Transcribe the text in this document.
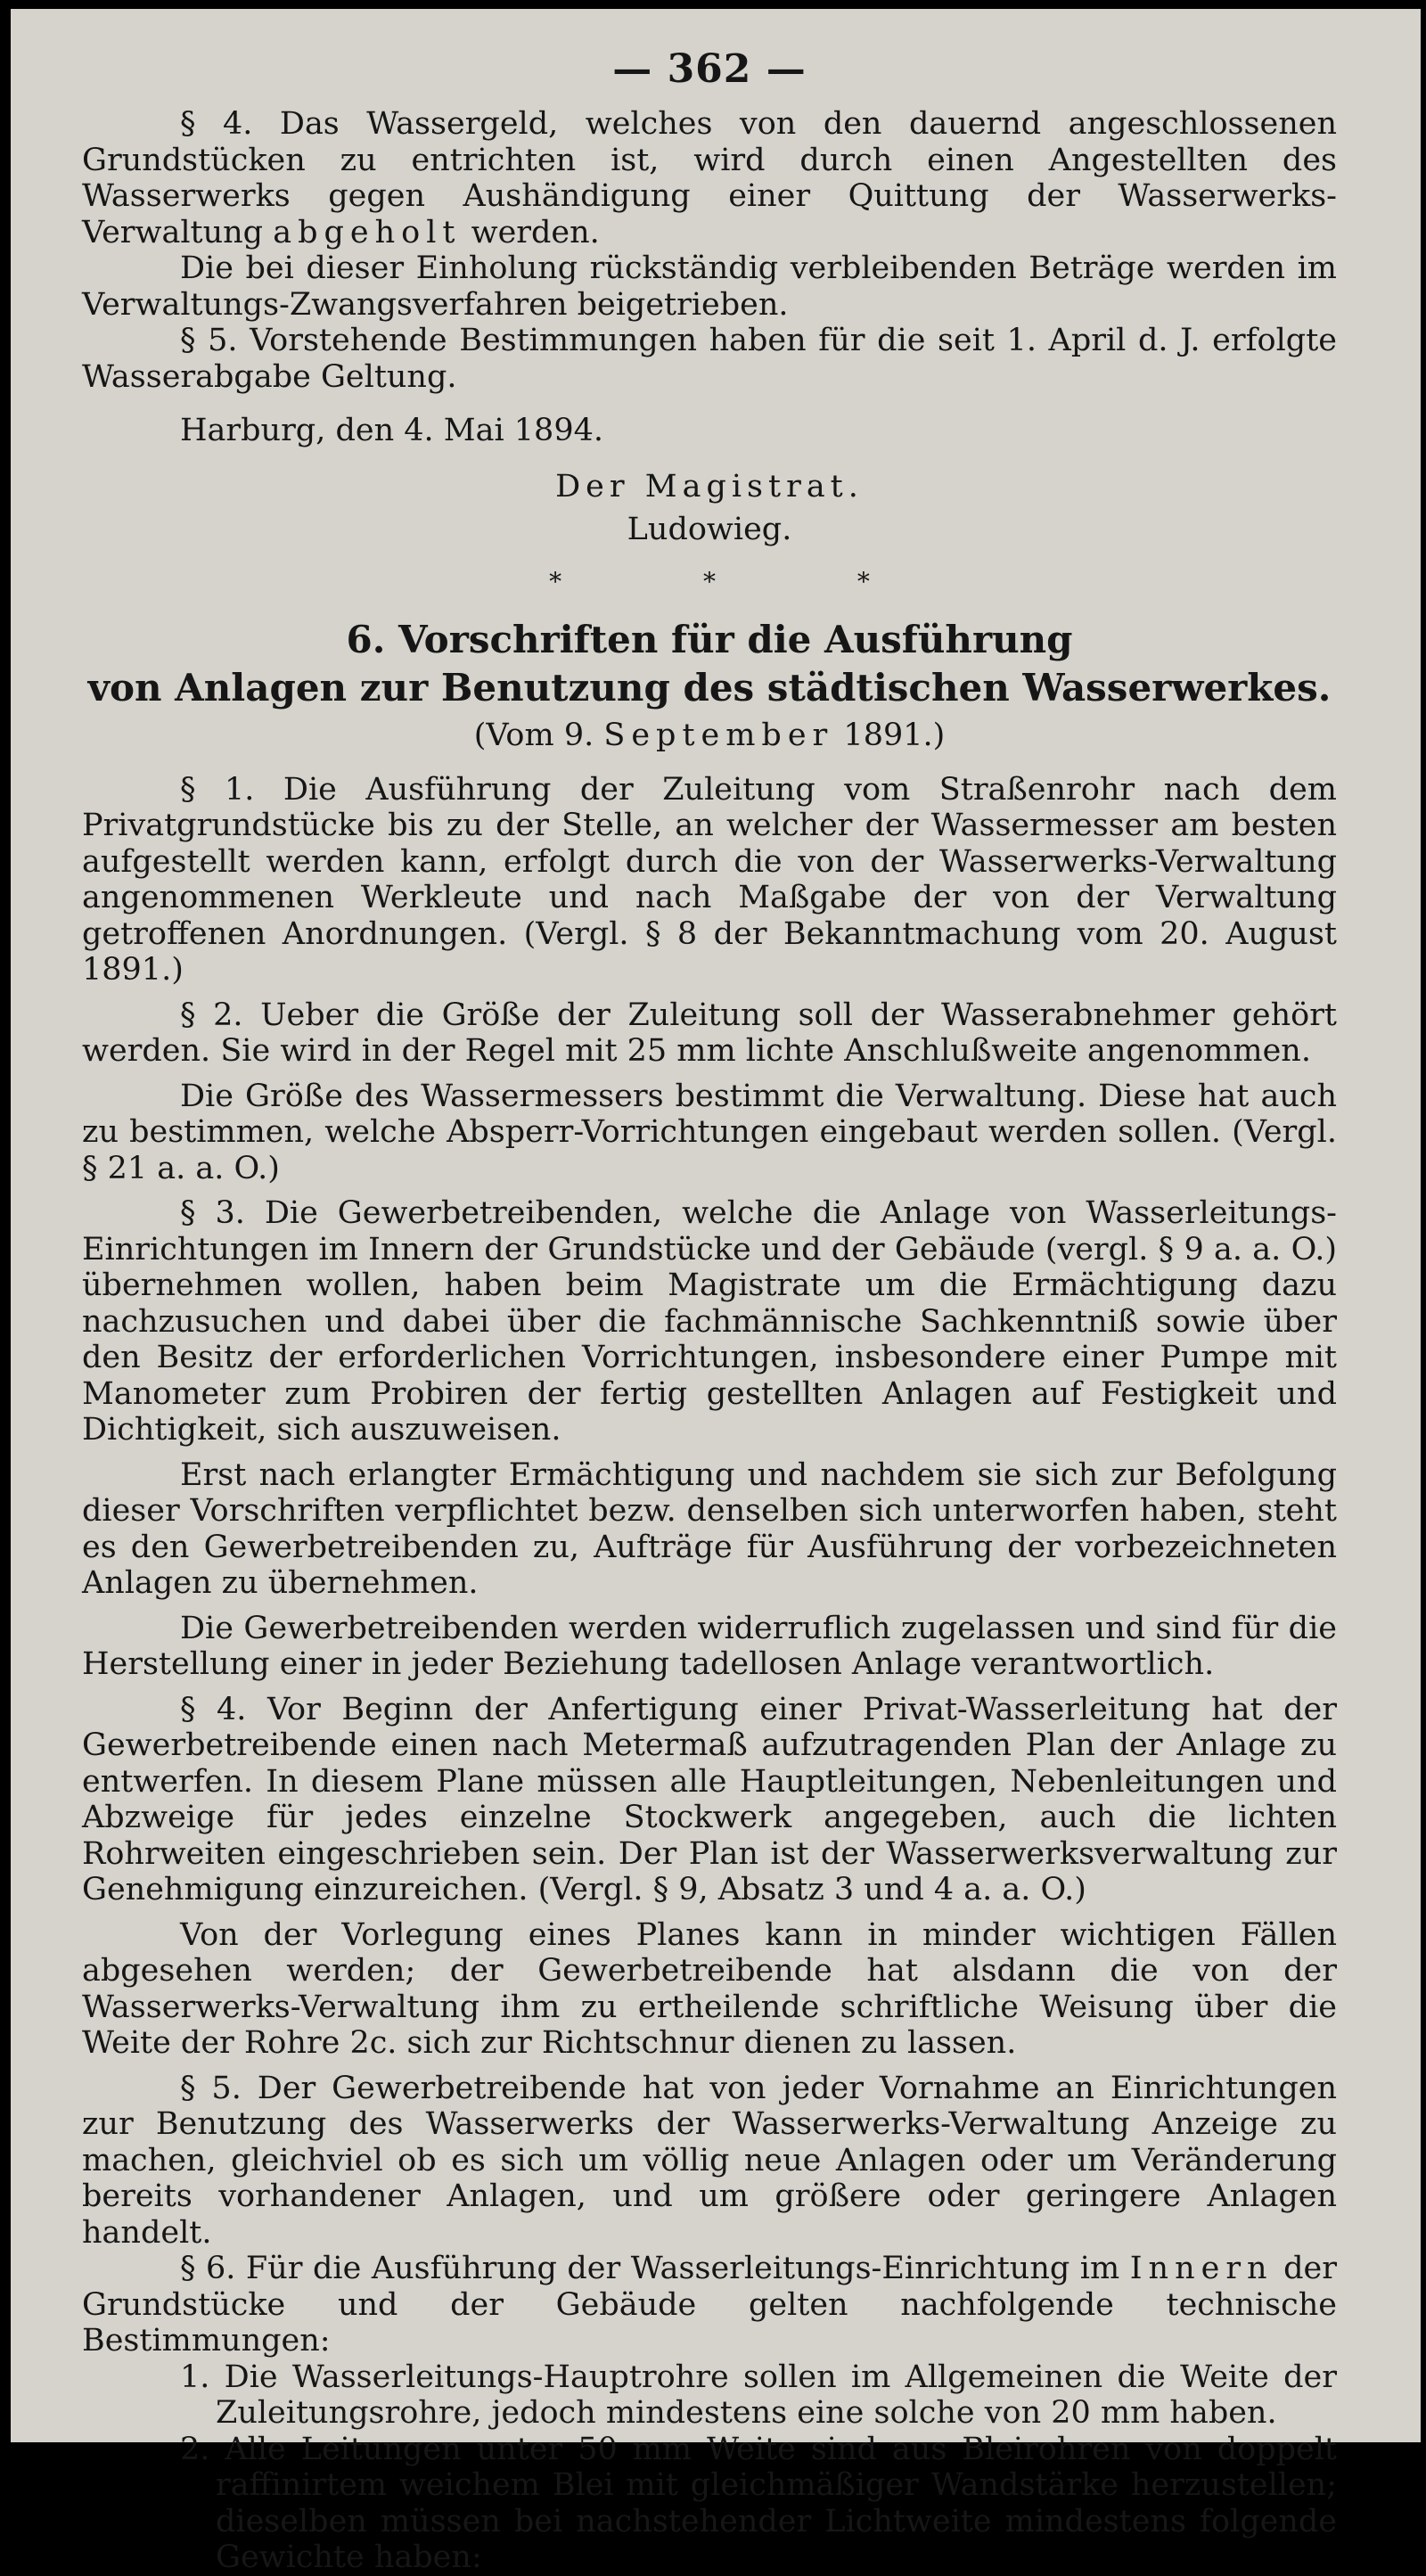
— 362 —

§ 4. Das Wassergeld, welches von den dauernd angeschlossenen Grundstücken zu entrichten ist, wird durch einen Angestellten des Wasserwerks gegen Aushändigung einer Quittung der Wasserwerks-Verwaltung abgeholt werden.

Die bei dieser Einholung rückständig verbleibenden Beträge werden im Verwaltungs-Zwangsverfahren beigetrieben.

§ 5. Vorstehende Bestimmungen haben für die seit 1. April d. J. erfolgte Wasserabgabe Geltung.

Harburg, den 4. Mai 1894.

Der Magistrat.

Ludowieg.

* * *

6. Vorschriften für die Ausführung
von Anlagen zur Benutzung des städtischen Wasserwerkes.

(Vom 9. September 1891.)

§ 1. Die Ausführung der Zuleitung vom Straßenrohr nach dem Privatgrundstücke bis zu der Stelle, an welcher der Wassermesser am besten aufgestellt werden kann, erfolgt durch die von der Wasserwerks-Verwaltung angenommenen Werkleute und nach Maßgabe der von der Verwaltung getroffenen Anordnungen. (Vergl. § 8 der Bekanntmachung vom 20. August 1891.)

§ 2. Ueber die Größe der Zuleitung soll der Wasserabnehmer gehört werden. Sie wird in der Regel mit 25 mm lichte Anschlußweite angenommen.

Die Größe des Wassermessers bestimmt die Verwaltung. Diese hat auch zu bestimmen, welche Absperr-Vorrichtungen eingebaut werden sollen. (Vergl. § 21 a. a. O.)

§ 3. Die Gewerbetreibenden, welche die Anlage von Wasserleitungs-Einrichtungen im Innern der Grundstücke und der Gebäude (vergl. § 9 a. a. O.) übernehmen wollen, haben beim Magistrate um die Ermächtigung dazu nachzusuchen und dabei über die fachmännische Sachkenntniß sowie über den Besitz der erforderlichen Vorrichtungen, insbesondere einer Pumpe mit Manometer zum Probiren der fertig gestellten Anlagen auf Festigkeit und Dichtigkeit, sich auszuweisen.

Erst nach erlangter Ermächtigung und nachdem sie sich zur Befolgung dieser Vorschriften verpflichtet bezw. denselben sich unterworfen haben, steht es den Gewerbetreibenden zu, Aufträge für Ausführung der vorbezeichneten Anlagen zu übernehmen.

Die Gewerbetreibenden werden widerruflich zugelassen und sind für die Herstellung einer in jeder Beziehung tadellosen Anlage verantwortlich.

§ 4. Vor Beginn der Anfertigung einer Privat-Wasserleitung hat der Gewerbetreibende einen nach Metermaß aufzutragenden Plan der Anlage zu entwerfen. In diesem Plane müssen alle Hauptleitungen, Nebenleitungen und Abzweige für jedes einzelne Stockwerk angegeben, auch die lichten Rohrweiten eingeschrieben sein. Der Plan ist der Wasserwerksverwaltung zur Genehmigung einzureichen. (Vergl. § 9, Absatz 3 und 4 a. a. O.)

Von der Vorlegung eines Planes kann in minder wichtigen Fällen abgesehen werden; der Gewerbetreibende hat alsdann die von der Wasserwerks-Verwaltung ihm zu ertheilende schriftliche Weisung über die Weite der Rohre 2c. sich zur Richtschnur dienen zu lassen.

§ 5. Der Gewerbetreibende hat von jeder Vornahme an Einrichtungen zur Benutzung des Wasserwerks der Wasserwerks-Verwaltung Anzeige zu machen, gleichviel ob es sich um völlig neue Anlagen oder um Veränderung bereits vorhandener Anlagen, und um größere oder geringere Anlagen handelt.

§ 6. Für die Ausführung der Wasserleitungs-Einrichtung im Innern der Grundstücke und der Gebäude gelten nachfolgende technische Bestimmungen:

1. Die Wasserleitungs-Hauptrohre sollen im Allgemeinen die Weite der Zuleitungsrohre, jedoch mindestens eine solche von 20 mm haben.

2. Alle Leitungen unter 50 mm Weite sind aus Bleirohren von doppelt raffinirtem weichem Blei mit gleichmäßiger Wandstärke herzustellen; dieselben müssen bei nachstehender Lichtweite mindestens folgende Gewichte haben:
